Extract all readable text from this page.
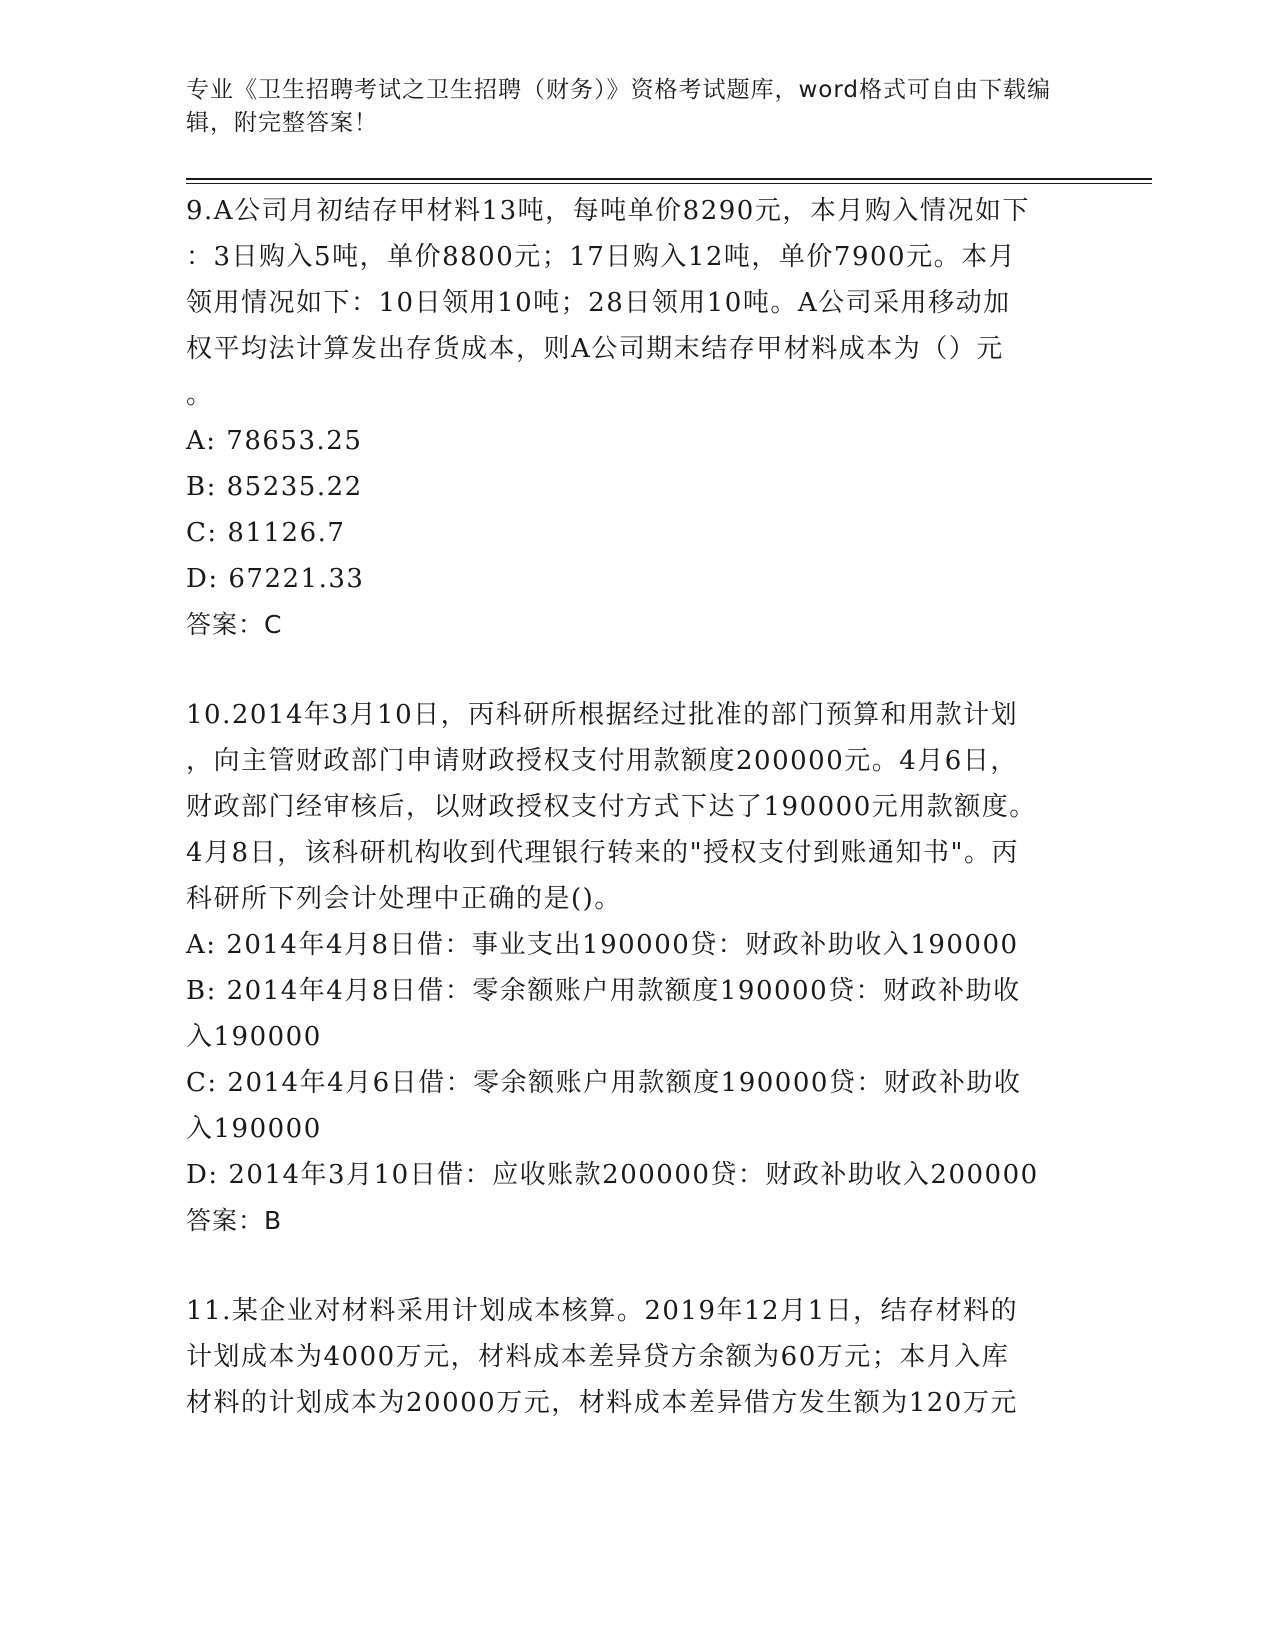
专业《卫生招聘考试之卫生招聘（财务）》资格考试题库，word格式可自由下载编辑，附完整答案！

9.A公司月初结存甲材料13吨，每吨单价8290元，本月购入情况如下
：3日购入5吨，单价8800元；17日购入12吨，单价7900元。本月
领用情况如下：10日领用10吨；28日领用10吨。A公司采用移动加
权平均法计算发出存货成本，则A公司期末结存甲材料成本为（）元
。

A: 78653.25
B: 85235.22
C: 81126.7
D: 67221.33

答案：C

10.2014年3月10日，丙科研所根据经过批准的部门预算和用款计划
，向主管财政部门申请财政授权支付用款额度200000元。4月6日，
财政部门经审核后，以财政授权支付方式下达了190000元用款额度。
4月8日，该科研机构收到代理银行转来的"授权支付到账通知书"。丙
科研所下列会计处理中正确的是()。

A: 2014年4月8日借：事业支出190000贷：财政补助收入190000
B: 2014年4月8日借：零余额账户用款额度190000贷：财政补助收
入190000
C: 2014年4月6日借：零余额账户用款额度190000贷：财政补助收
入190000
D: 2014年3月10日借：应收账款200000贷：财政补助收入200000

答案：B

11.某企业对材料采用计划成本核算。2019年12月1日，结存材料的
计划成本为4000万元，材料成本差异贷方余额为60万元；本月入库
材料的计划成本为20000万元，材料成本差异借方发生额为120万元
